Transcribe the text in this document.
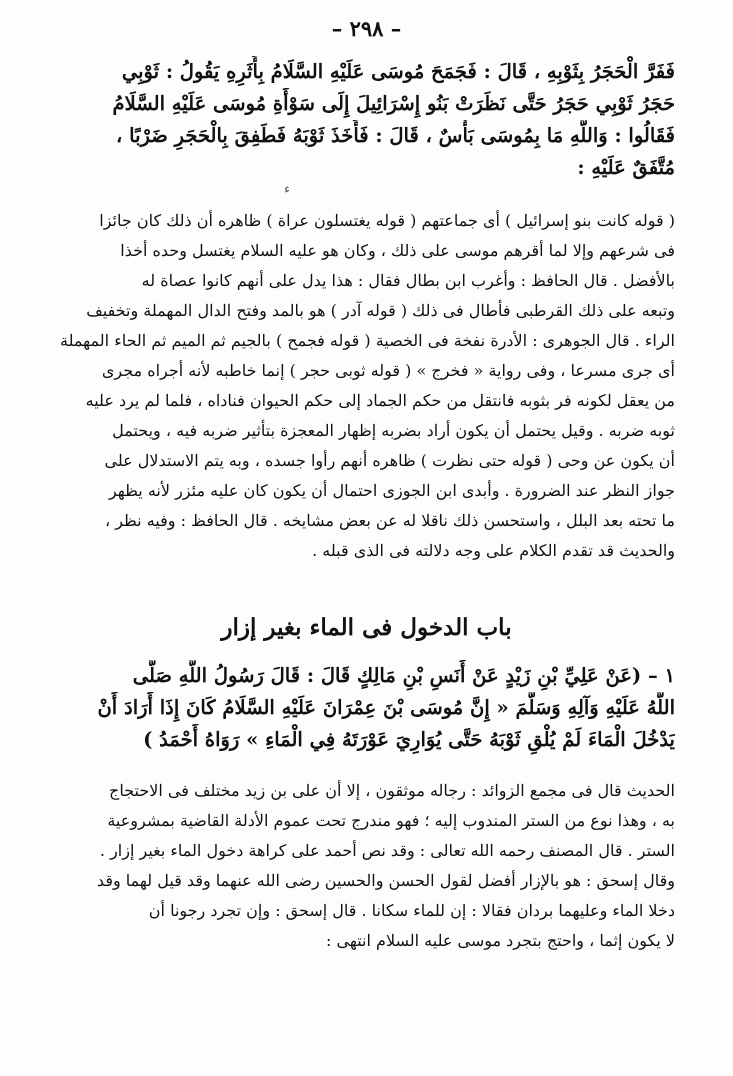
– ۲۹۸ –
فَفَرَّ الْحَجَرُ بِثَوْبِهِ ، قَالَ : فَجَمَحَ مُوسَى عَلَيْهِ السَّلَامُ بِأَثَرِهِ يَقُولُ : ثَوْبِي
حَجَرُ ثَوْبِي حَجَرُ حَتَّى نَظَرَتْ بَنُو إِسْرَائِيلَ إِلَى سَوْأَةِ مُوسَى عَلَيْهِ السَّلَامُ
فَقَالُوا : وَاللَّهِ مَا بِمُوسَى بَأْسٌ ، قَالَ : فَأَخَذَ ثَوْبَهُ فَطَفِقَ بِالْحَجَرِ ضَرْبًا ،
مُتَّفَقٌ عَلَيْهِ :
ء
( قوله كانت بنو إسرائيل ) أى جماعتهم ( قوله يغتسلون عراة ) ظاهره أن ذلك كان جائزا
فى شرعهم وإلا لما أقرهم موسى على ذلك ، وكان هو عليه السلام يغتسل وحده أخذا
بالأفضل . قال الحافظ : وأغرب ابن بطال فقال : هذا يدل على أنهم كانوا عصاة له
وتبعه على ذلك القرطبى فأطال فى ذلك ( قوله آدر ) هو بالمد وفتح الدال المهملة وتخفيف
الراء . قال الجوهرى : الأدرة نفخة فى الخصية ( قوله فجمح ) بالجيم ثم الميم ثم الحاء المهملة
أى جرى مسرعا ، وفى رواية « فخرج » ( قوله ثوبى حجر ) إنما خاطبه لأنه أجراه مجرى
من يعقل لكونه فر بثوبه فانتقل من حكم الجماد إلى حكم الحيوان فناداه ، فلما لم يرد عليه
ثوبه ضربه . وقيل يحتمل أن يكون أراد بضربه إظهار المعجزة بتأثير ضربه فيه ، ويحتمل
أن يكون عن وحى ( قوله حتى نظرت ) ظاهره أنهم رأوا جسده ، وبه يتم الاستدلال على
جواز النظر عند الضرورة . وأبدى ابن الجوزى احتمال أن يكون كان عليه مئزر لأنه يظهر
ما تحته بعد البلل ، واستحسن ذلك ناقلا له عن بعض مشايخه . قال الحافظ : وفيه نظر ،
والحديث قد تقدم الكلام على وجه دلالته فى الذى قبله .
باب الدخول فى الماء بغير إزار
١ – (عَنْ عَلِيِّ بْنِ زَيْدٍ عَنْ أَنَسِ بْنِ مَالِكٍ قَالَ : قَالَ رَسُولُ اللَّهِ صَلَّى
اللَّهُ عَلَيْهِ وَآلِهِ وَسَلَّمَ « إِنَّ مُوسَى بْنَ عِمْرَانَ عَلَيْهِ السَّلَامُ كَانَ إِذَا أَرَادَ أَنْ
يَدْخُلَ الْمَاءَ لَمْ يُلْقِ ثَوْبَهُ حَتَّى يُوَارِيَ عَوْرَتَهُ فِي الْمَاءِ » رَوَاهُ أَحْمَدُ )
الحديث قال فى مجمع الزوائد : رجاله موثقون ، إلا أن على بن زيد مختلف فى الاحتجاج
به ، وهذا نوع من الستر المندوب إليه ؛ فهو مندرج تحت عموم الأدلة القاضية بمشروعية
الستر . قال المصنف رحمه الله تعالى : وقد نص أحمد على كراهة دخول الماء بغير إزار .
وقال إسحق : هو بالإزار أفضل لقول الحسن والحسين رضى الله عنهما وقد قيل لهما وقد
دخلا الماء وعليهما بردان فقالا : إن للماء سكانا . قال إسحق : وإن تجرد رجونا أن
لا يكون إثما ، واحتج بتجرد موسى عليه السلام انتهى :
